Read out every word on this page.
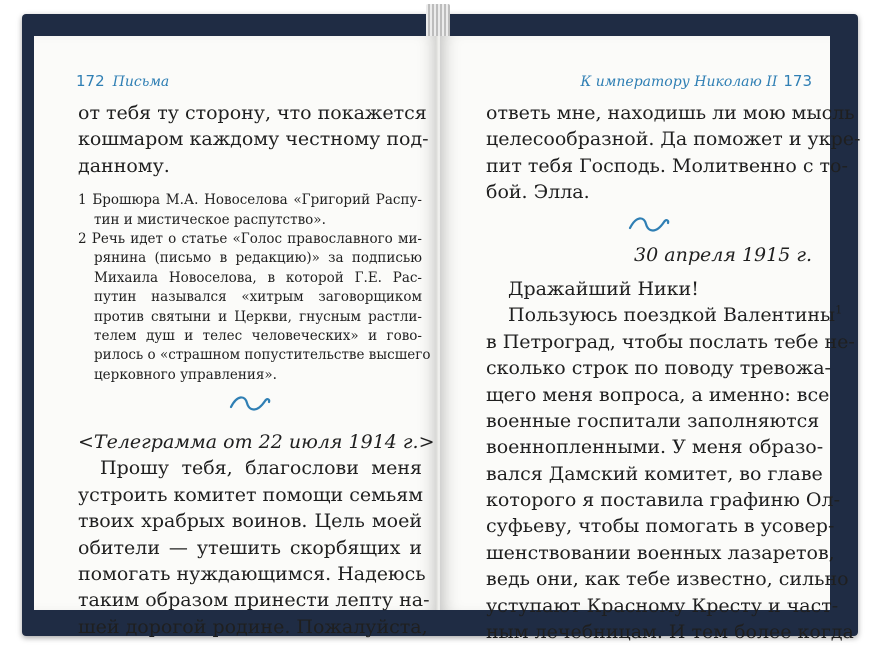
172 Письма
от тебя ту сторону, что покажется
кошмаром каждому честному под-
данному.
1 Брошюра М.А. Новоселова «Григорий Распу-
тин и мистическое распутство».
2 Речь идет о статье «Голос православного ми-
рянина (письмо в редакцию)» за подписью
Михаила Новоселова, в которой Г.Е. Рас-
путин назывался «хитрым заговорщиком
против святыни и Церкви, гнусным растли-
телем душ и телес человеческих» и гово-
рилось о «страшном попустительстве высшего
церковного управления».
<Телеграмма от 22 июля 1914 г.>
Прошу тебя, благослови меня
устроить комитет помощи семьям
твоих храбрых воинов. Цель моей
обители — утешить скорбящих и
помогать нуждающимся. Надеюсь
таким образом принести лепту на-
шей дорогой родине. Пожалуйста,
К императору Николаю II 173
ответь мне, находишь ли мою мысль
целесообразной. Да поможет и укре-
пит тебя Господь. Молитвенно с то-
бой. Элла.
30 апреля 1915 г.
Дражайший Ники!
Пользуюсь поездкой Валентины$^1$
в Петроград, чтобы послать тебе не-
сколько строк по поводу тревожа-
щего меня вопроса, а именно: все
военные госпитали заполняются
военнопленными. У меня образо-
вался Дамский комитет, во главе
которого я поставила графиню Ол-
суфьеву, чтобы помогать в усовер-
шенствовании военных лазаретов,
ведь они, как тебе известно, сильно
уступают Красному Кресту и част-
ным лечебницам. И тем более когда
